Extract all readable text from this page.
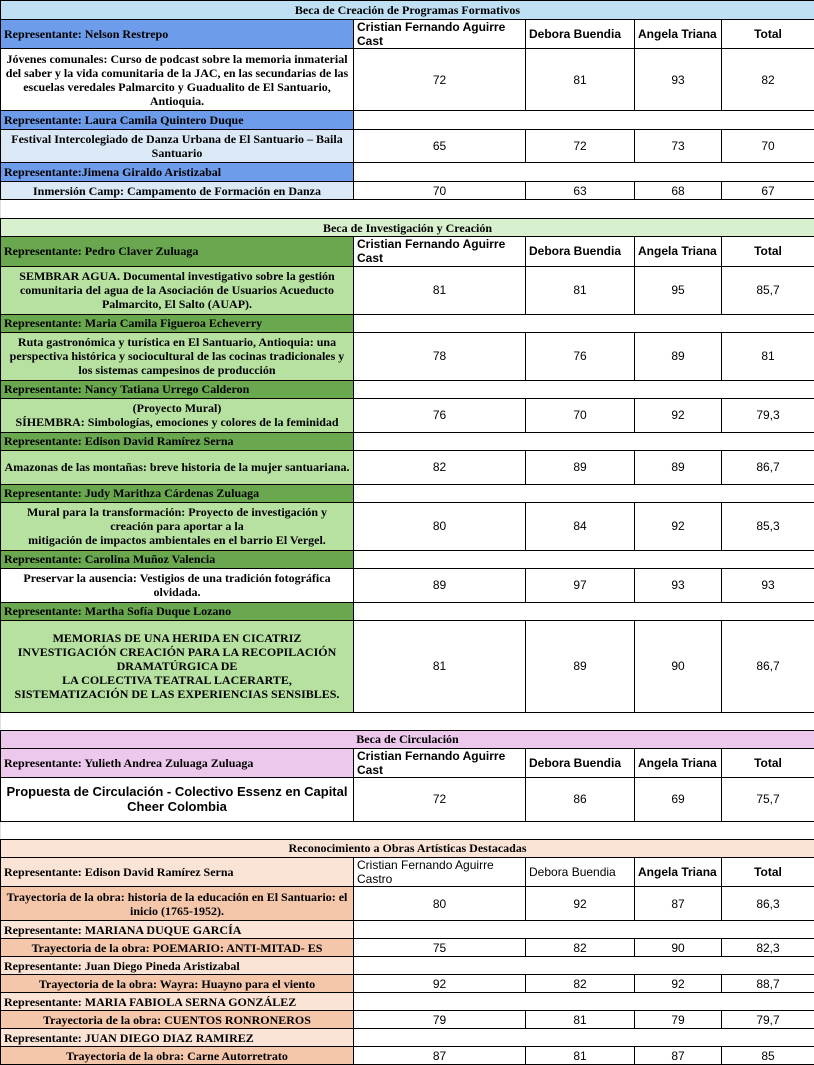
Beca de Creación de Programas Formativos				
Representante: Nelson Restrepo	Cristian Fernando Aguirre Cast	Debora Buendia	Angela Triana	Total
Jóvenes comunales: Curso de podcast sobre la memoria inmaterial del saber y la vida comunitaria de la JAC, en las secundarias de las escuelas veredales Palmarcito y Guadualito de El Santuario, Antioquia.	72	81	93	82
Representante: Laura Camila Quintero Duque				
Festival Intercolegiado de Danza Urbana de El Santuario – Baila Santuario	65	72	73	70
Representante:Jimena Giraldo Aristizabal				
Inmersión Camp: Campamento de Formación en Danza	70	63	68	67

Beca de Investigación y Creación				
Representante: Pedro Claver Zuluaga	Cristian Fernando Aguirre Cast	Debora Buendia	Angela Triana	Total
SEMBRAR AGUA. Documental investigativo sobre la gestión comunitaria del agua de la Asociación de Usuarios Acueducto Palmarcito, El Salto (AUAP).	81	81	95	85,7
Representante: Maria Camila Figueroa Echeverry				
Ruta gastronómica y turística en El Santuario, Antioquia: una perspectiva histórica y sociocultural de las cocinas tradicionales y los sistemas campesinos de producción	78	76	89	81
Representante: Nancy Tatiana Urrego Calderon				
(Proyecto Mural)
SÍHEMBRA: Simbologías, emociones y colores de la feminidad	76	70	92	79,3
Representante: Edison David Ramírez Serna				
Amazonas de las montañas: breve historia de la mujer santuariana.	82	89	89	86,7
Representante: Judy Marithza Cárdenas Zuluaga				
Mural para la transformación: Proyecto de investigación y creación para aportar a la
mitigación de impactos ambientales en el barrio El Vergel.	80	84	92	85,3
Representante: Carolina Muñoz Valencia				
Preservar la ausencia: Vestigios de una tradición fotográfica olvidada.	89	97	93	93
Representante: Martha Sofía Duque Lozano				
MEMORIAS DE UNA HERIDA EN CICATRIZ INVESTIGACIÓN CREACIÓN PARA LA RECOPILACIÓN DRAMATÚRGICA DE
LA COLECTIVA TEATRAL LACERARTE, SISTEMATIZACIÓN DE LAS EXPERIENCIAS SENSIBLES.	81	89	90	86,7

Beca de Circulación				
Representante: Yulieth Andrea Zuluaga Zuluaga	Cristian Fernando Aguirre Cast	Debora Buendia	Angela Triana	Total
Propuesta de Circulación - Colectivo Essenz en Capital Cheer Colombia	72	86	69	75,7

Reconocimiento a Obras Artísticas Destacadas				
Representante: Edison David Ramírez Serna	Cristian Fernando Aguirre Castro	Debora Buendia	Angela Triana	Total
Trayectoria de la obra: historia de la educación en El Santuario: el inicio (1765-1952).	80	92	87	86,3
Representante: MARIANA DUQUE GARCÍA				
Trayectoria de la obra: POEMARIO: ANTI-MITAD- ES	75	82	90	82,3
Representante: Juan Diego Pineda Aristizabal				
Trayectoria de la obra: Wayra: Huayno para el viento	92	82	92	88,7
Representante: MARIA FABIOLA SERNA GONZÁLEZ				
Trayectoria de la obra: CUENTOS RONRONEROS	79	81	79	79,7
Representante: JUAN DIEGO DIAZ RAMIREZ				
Trayectoria de la obra: Carne Autorretrato	87	81	87	85
